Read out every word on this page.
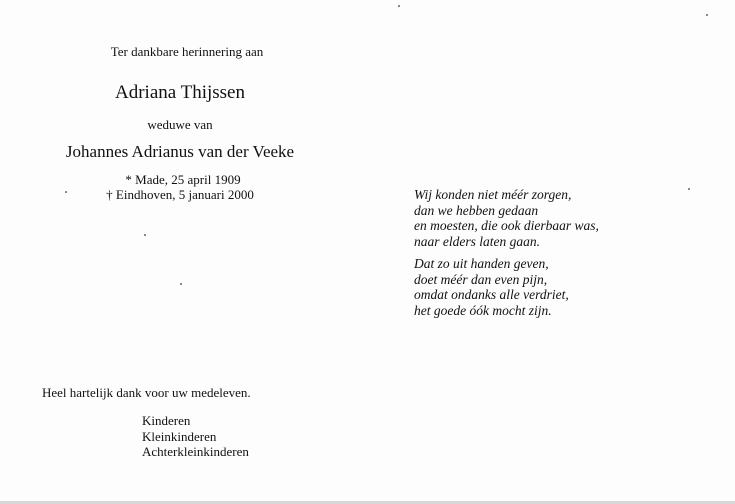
Ter dankbare herinnering aan
Adriana Thijssen
weduwe van
Johannes Adrianus van der Veeke
* Made, 25 april 1909
† Eindhoven, 5 januari 2000	Wij konden niet méér zorgen,
dan we hebben gedaan
en moesten, die ook dierbaar was,
naar elders laten gaan.
Dat zo uit handen geven,
doet méér dan even pijn,
omdat ondanks alle verdriet,
het goede óók mocht zijn.
Heel hartelijk dank voor uw medeleven.
Kinderen
Kleinkinderen
Achterkleinkinderen
